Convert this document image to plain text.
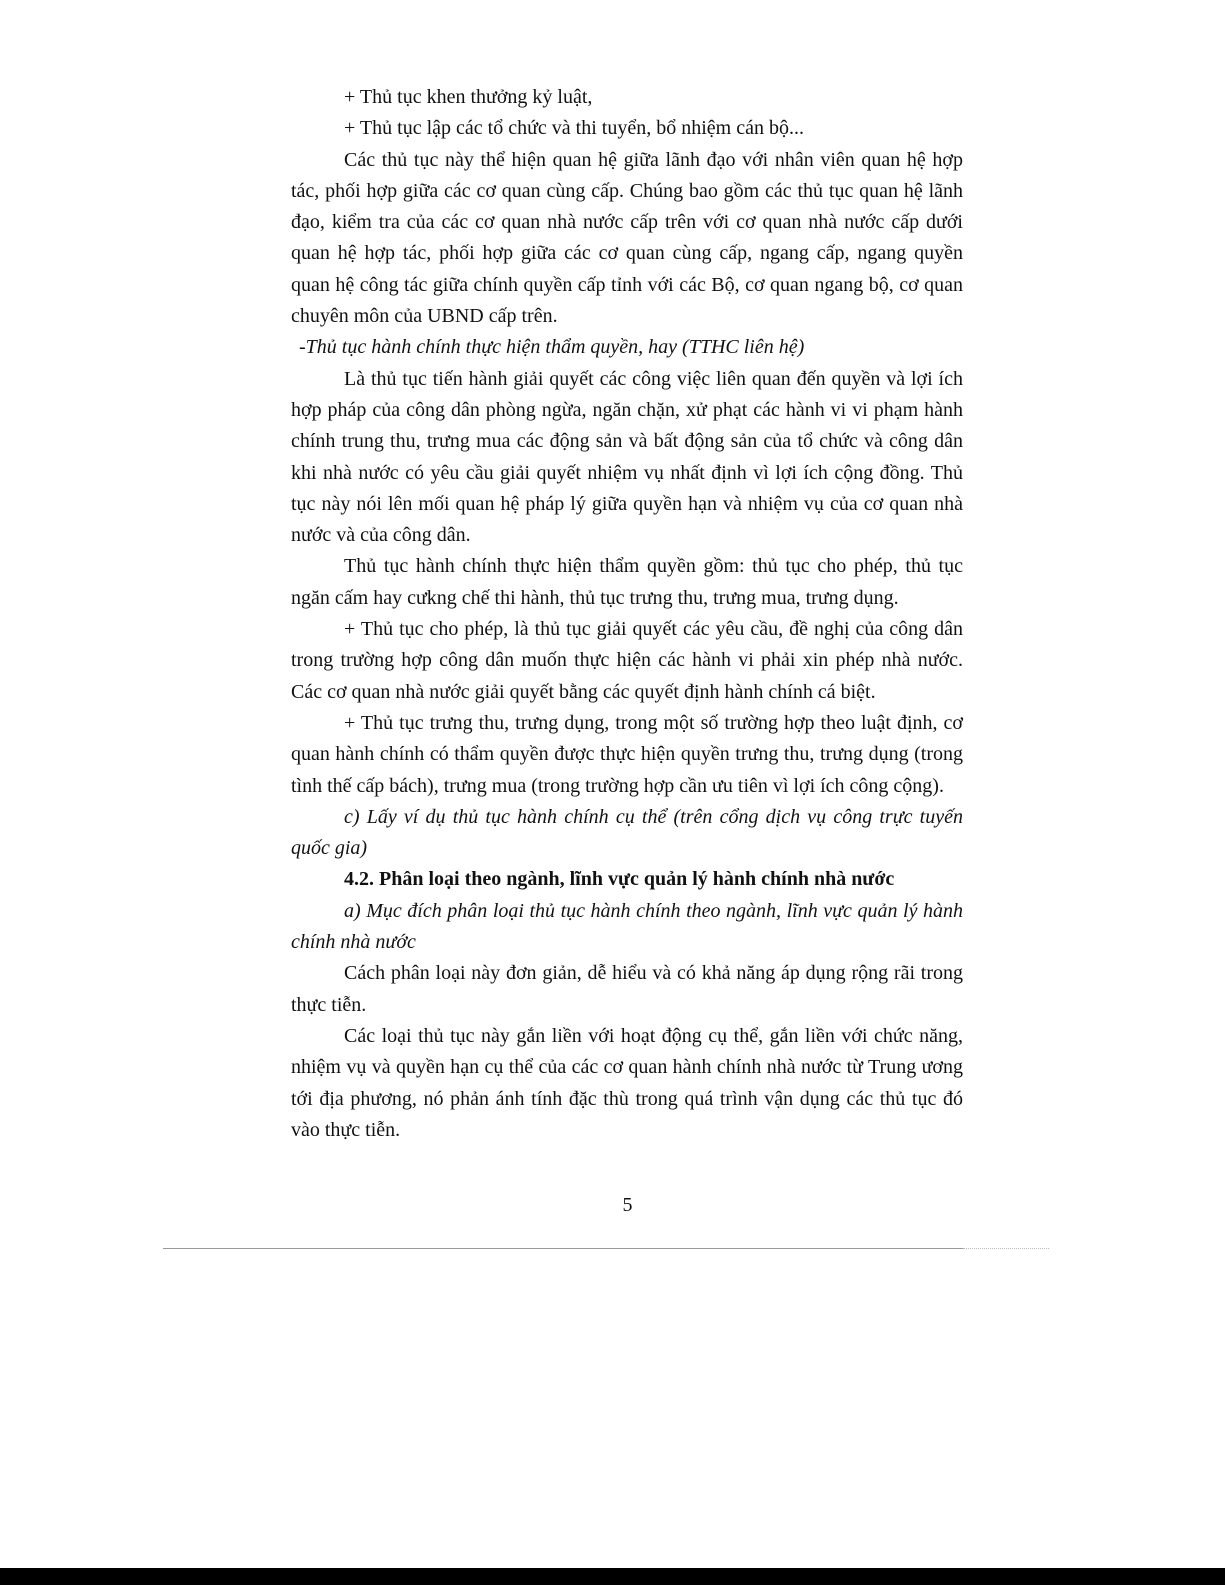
+ Thủ tục khen thưởng kỷ luật,

+ Thủ tục lập các tổ chức và thi tuyển, bổ nhiệm cán bộ...

Các thủ tục này thể hiện quan hệ giữa lãnh đạo với nhân viên quan hệ hợp tác, phối hợp giữa các cơ quan cùng cấp. Chúng bao gồm các thủ tục quan hệ lãnh đạo, kiểm tra của các cơ quan nhà nước cấp trên với cơ quan nhà nước cấp dưới quan hệ hợp tác, phối hợp giữa các cơ quan cùng cấp, ngang cấp, ngang quyền quan hệ công tác giữa chính quyền cấp tỉnh với các Bộ, cơ quan ngang bộ, cơ quan chuyên môn của UBND cấp trên.

-Thủ tục hành chính thực hiện thẩm quyền, hay (TTHC liên hệ)

Là thủ tục tiến hành giải quyết các công việc liên quan đến quyền và lợi ích hợp pháp của công dân phòng ngừa, ngăn chặn, xử phạt các hành vi vi phạm hành chính trung thu, trưng mua các động sản và bất động sản của tổ chức và công dân khi nhà nước có yêu cầu giải quyết nhiệm vụ nhất định vì lợi ích cộng đồng. Thủ tục này nói lên mối quan hệ pháp lý giữa quyền hạn và nhiệm vụ của cơ quan nhà nước và của công dân.

Thủ tục hành chính thực hiện thẩm quyền gồm: thủ tục cho phép, thủ tục ngăn cấm hay cưkng chế thi hành, thủ tục trưng thu, trưng mua, trưng dụng.

+ Thủ tục cho phép, là thủ tục giải quyết các yêu cầu, đề nghị của công dân trong trường hợp công dân muốn thực hiện các hành vi phải xin phép nhà nước. Các cơ quan nhà nước giải quyết bằng các quyết định hành chính cá biệt.

+ Thủ tục trưng thu, trưng dụng, trong một số trường hợp theo luật định, cơ quan hành chính có thẩm quyền được thực hiện quyền trưng thu, trưng dụng (trong tình thế cấp bách), trưng mua (trong trường hợp cần ưu tiên vì lợi ích công cộng).

c) Lấy ví dụ thủ tục hành chính cụ thể (trên cổng dịch vụ công trực tuyến quốc gia)

4.2. Phân loại theo ngành, lĩnh vực quản lý hành chính nhà nước

a) Mục đích phân loại thủ tục hành chính theo ngành, lĩnh vực quản lý hành chính nhà nước

Cách phân loại này đơn giản, dễ hiểu và có khả năng áp dụng rộng rãi trong thực tiễn.

Các loại thủ tục này gắn liền với hoạt động cụ thể, gắn liền với chức năng, nhiệm vụ và quyền hạn cụ thể của các cơ quan hành chính nhà nước từ Trung ương tới địa phương, nó phản ánh tính đặc thù trong quá trình vận dụng các thủ tục đó vào thực tiễn.

5
